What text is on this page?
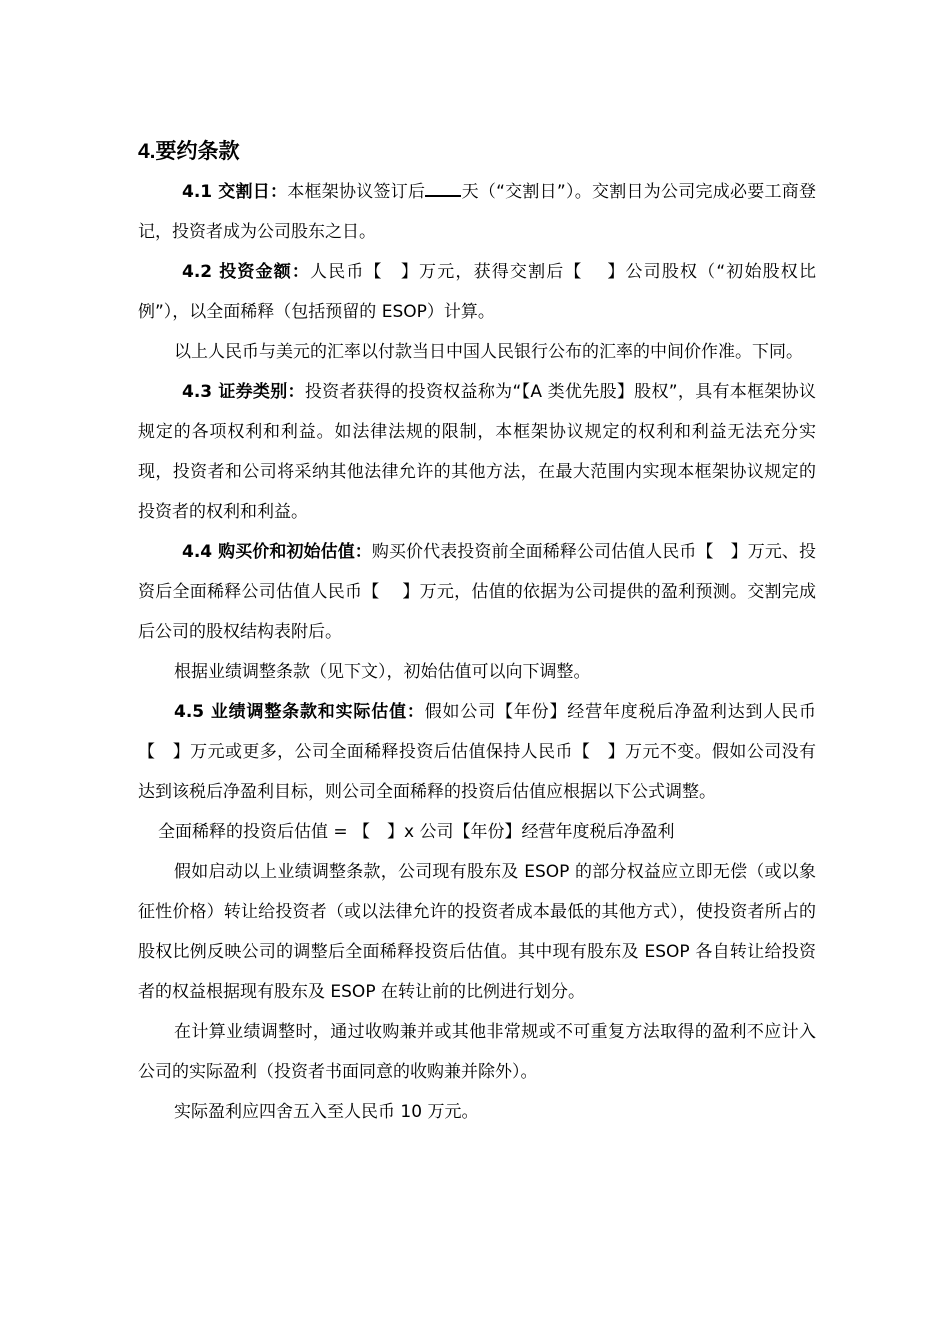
4.要约条款

4.1 交割日：本框架协议签订后 天（“交割日”）。交割日为公司完成必要工商登记，投资者成为公司股东之日。

4.2 投资金额：人民币【　】万元，获得交割后【　 】公司股权（“初始股权比例”），以全面稀释（包括预留的 ESOP）计算。

以上人民币与美元的汇率以付款当日中国人民银行公布的汇率的中间价作准。下同。

4.3 证券类别：投资者获得的投资权益称为“【A 类优先股】股权”，具有本框架协议规定的各项权利和利益。如法律法规的限制，本框架协议规定的权利和利益无法充分实现，投资者和公司将采纳其他法律允许的其他方法，在最大范围内实现本框架协议规定的投资者的权利和利益。

4.4 购买价和初始估值：购买价代表投资前全面稀释公司估值人民币【　】万元、投资后全面稀释公司估值人民币【　 】万元，估值的依据为公司提供的盈利预测。交割完成后公司的股权结构表附后。

根据业绩调整条款（见下文），初始估值可以向下调整。

4.5 业绩调整条款和实际估值：假如公司【年份】经营年度税后净盈利达到人民币【　】万元或更多，公司全面稀释投资后估值保持人民币【　】万元不变。假如公司没有达到该税后净盈利目标，则公司全面稀释的投资后估值应根据以下公式调整。

全面稀释的投资后估值 = 【　】x 公司【年份】经营年度税后净盈利

假如启动以上业绩调整条款，公司现有股东及 ESOP 的部分权益应立即无偿（或以象征性价格）转让给投资者（或以法律允许的投资者成本最低的其他方式），使投资者所占的股权比例反映公司的调整后全面稀释投资后估值。其中现有股东及 ESOP 各自转让给投资者的权益根据现有股东及 ESOP 在转让前的比例进行划分。

在计算业绩调整时，通过收购兼并或其他非常规或不可重复方法取得的盈利不应计入公司的实际盈利（投资者书面同意的收购兼并除外）。

实际盈利应四舍五入至人民币 10 万元。
